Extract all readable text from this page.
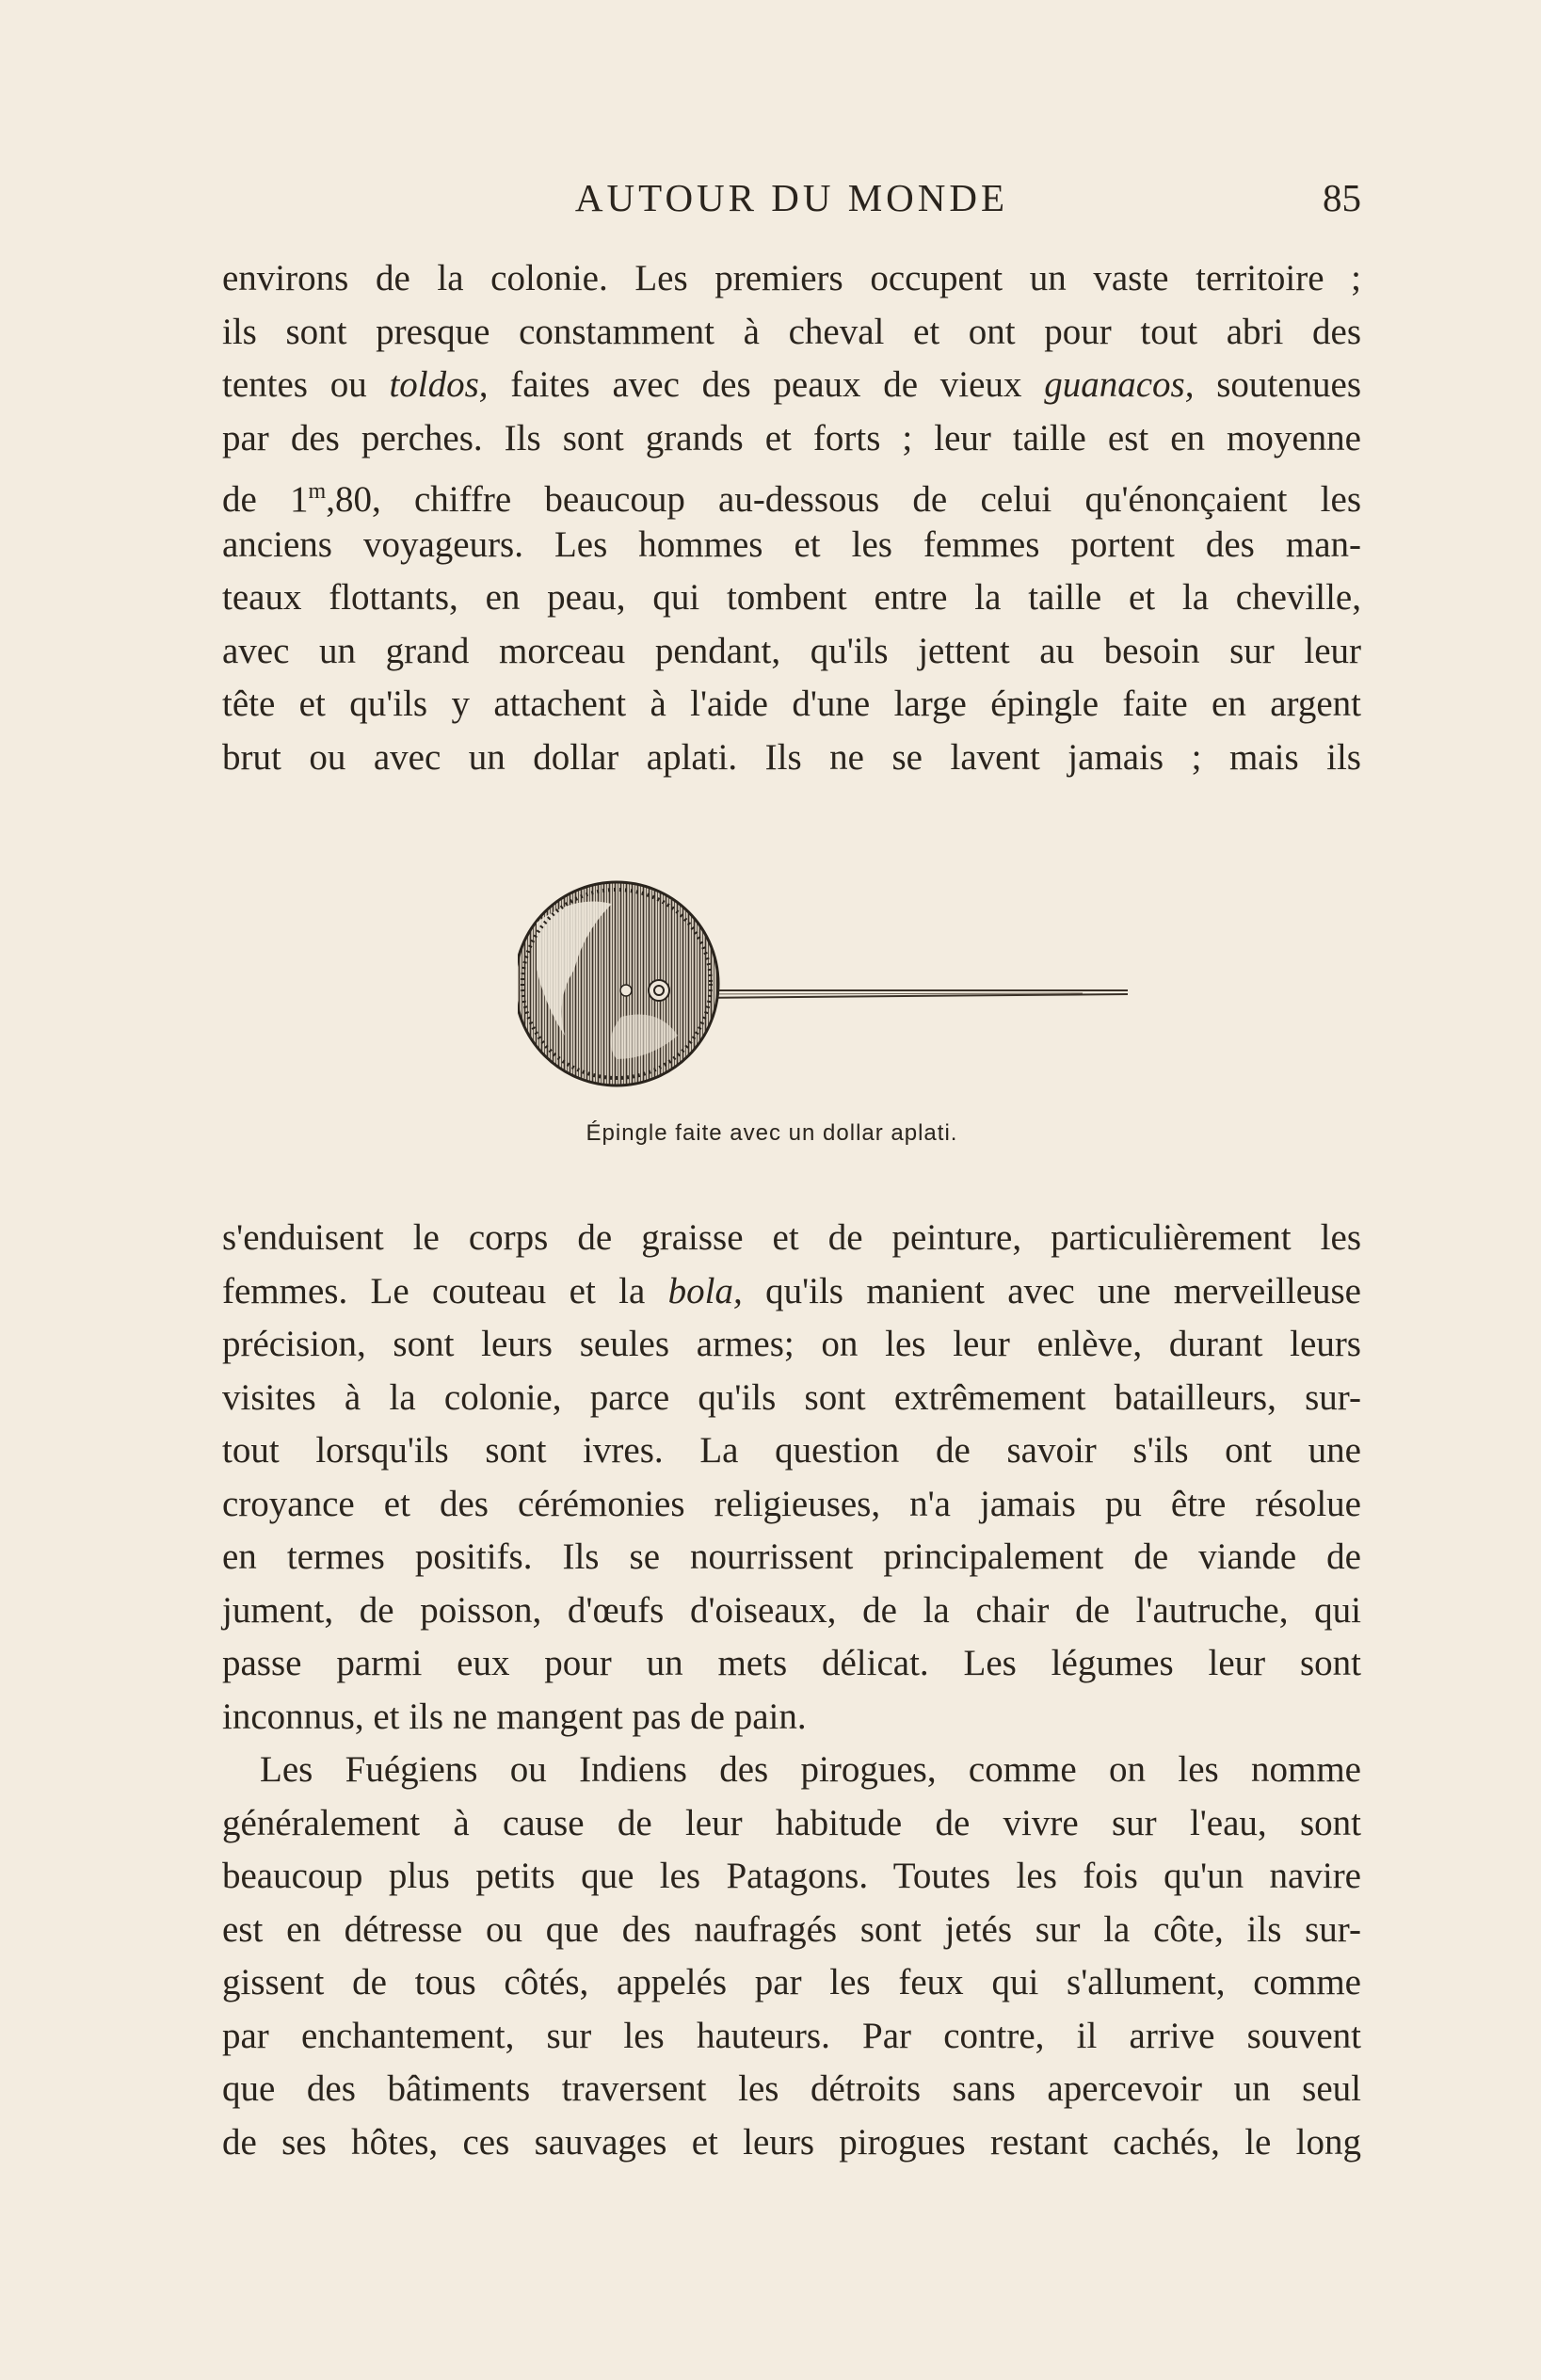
AUTOUR DU MONDE	85
environs de la colonie. Les premiers occupent un vaste territoire ;
ils sont presque constamment à cheval et ont pour tout abri des
tentes ou toldos, faites avec des peaux de vieux guanacos, soutenues
par des perches. Ils sont grands et forts ; leur taille est en moyenne
de 1$^m$,80, chiffre beaucoup au-dessous de celui qu'énonçaient les
anciens voyageurs. Les hommes et les femmes portent des man-
teaux flottants, en peau, qui tombent entre la taille et la cheville,
avec un grand morceau pendant, qu'ils jettent au besoin sur leur
tête et qu'ils y attachent à l'aide d'une large épingle faite en argent
brut ou avec un dollar aplati. Ils ne se lavent jamais ; mais ils
Épingle faite avec un dollar aplati.
s'enduisent le corps de graisse et de peinture, particulièrement les
femmes. Le couteau et la bola, qu'ils manient avec une merveilleuse
précision, sont leurs seules armes; on les leur enlève, durant leurs
visites à la colonie, parce qu'ils sont extrêmement batailleurs, sur-
tout lorsqu'ils sont ivres. La question de savoir s'ils ont une
croyance et des cérémonies religieuses, n'a jamais pu être résolue
en termes positifs. Ils se nourrissent principalement de viande de
jument, de poisson, d'œufs d'oiseaux, de la chair de l'autruche, qui
passe parmi eux pour un mets délicat. Les légumes leur sont
inconnus, et ils ne mangent pas de pain.
Les Fuégiens ou Indiens des pirogues, comme on les nomme
généralement à cause de leur habitude de vivre sur l'eau, sont
beaucoup plus petits que les Patagons. Toutes les fois qu'un navire
est en détresse ou que des naufragés sont jetés sur la côte, ils sur-
gissent de tous côtés, appelés par les feux qui s'allument, comme
par enchantement, sur les hauteurs. Par contre, il arrive souvent
que des bâtiments traversent les détroits sans apercevoir un seul
de ses hôtes, ces sauvages et leurs pirogues restant cachés, le long
